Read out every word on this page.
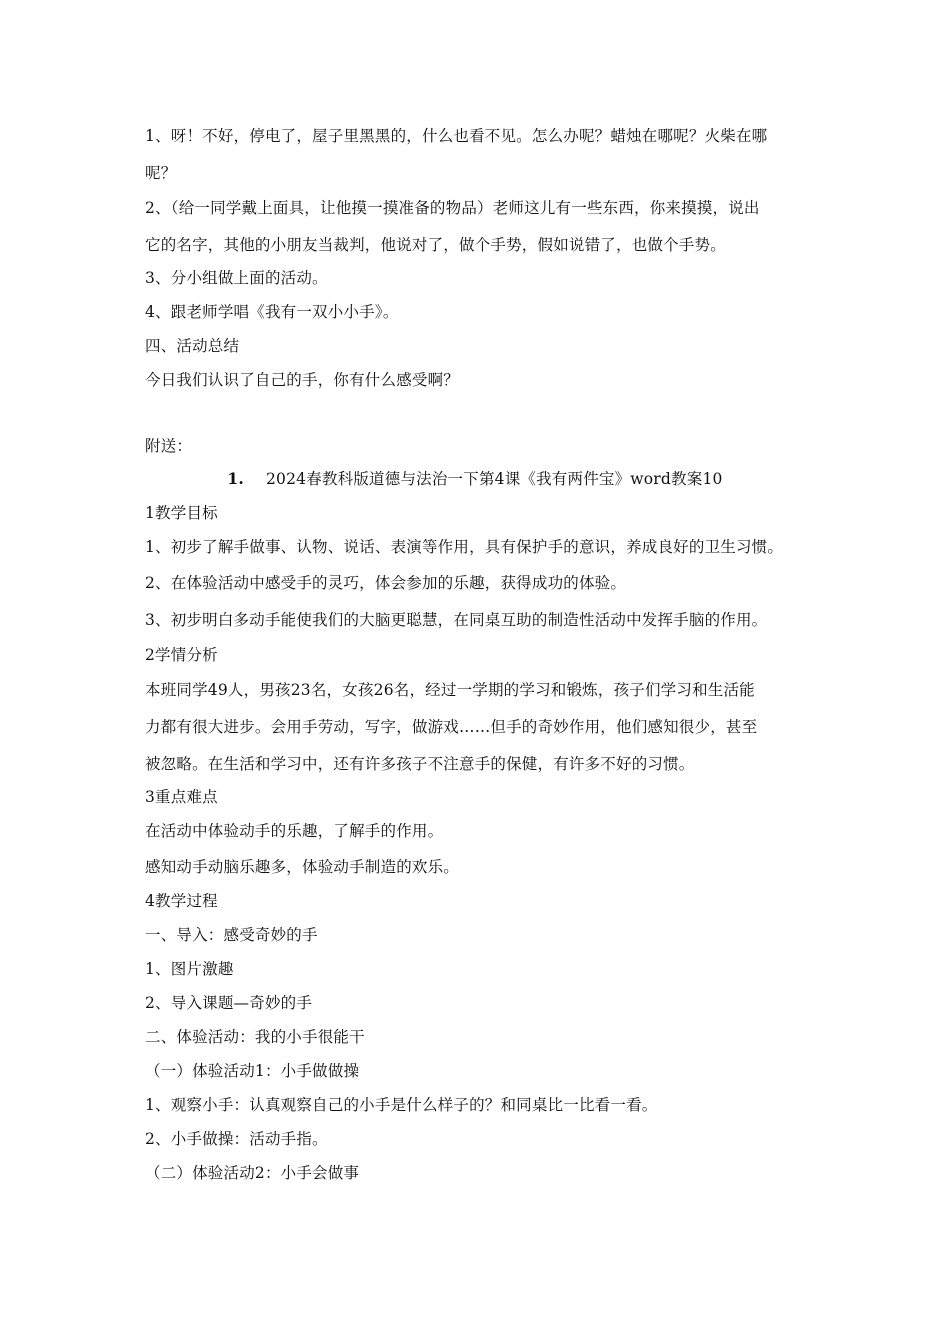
1、呀！不好，停电了，屋子里黑黑的，什么也看不见。怎么办呢？蜡烛在哪呢？火柴在哪

呢？

2、（给一同学戴上面具，让他摸一摸准备的物品）老师这儿有一些东西，你来摸摸，说出

它的名字，其他的小朋友当裁判，他说对了，做个手势，假如说错了，也做个手势。

3、分小组做上面的活动。

4、跟老师学唱《我有一双小小手》。

四、活动总结

今日我们认识了自己的手，你有什么感受啊？

附送：

1. 2024春教科版道德与法治一下第4课《我有两件宝》word教案10

1教学目标

1、初步了解手做事、认物、说话、表演等作用，具有保护手的意识，养成良好的卫生习惯。

2、在体验活动中感受手的灵巧，体会参加的乐趣，获得成功的体验。

3、初步明白多动手能使我们的大脑更聪慧，在同桌互助的制造性活动中发挥手脑的作用。

2学情分析

本班同学49人，男孩23名，女孩26名，经过一学期的学习和锻炼，孩子们学习和生活能

力都有很大进步。会用手劳动，写字，做游戏……但手的奇妙作用，他们感知很少，甚至

被忽略。在生活和学习中，还有许多孩子不注意手的保健，有许多不好的习惯。

3重点难点

在活动中体验动手的乐趣，了解手的作用。

感知动手动脑乐趣多，体验动手制造的欢乐。

4教学过程

一、导入：感受奇妙的手

1、图片激趣

2、导入课题—奇妙的手

二、体验活动：我的小手很能干

（一）体验活动1：小手做做操

1、观察小手：认真观察自己的小手是什么样子的？和同桌比一比看一看。

2、小手做操：活动手指。

（二）体验活动2：小手会做事
